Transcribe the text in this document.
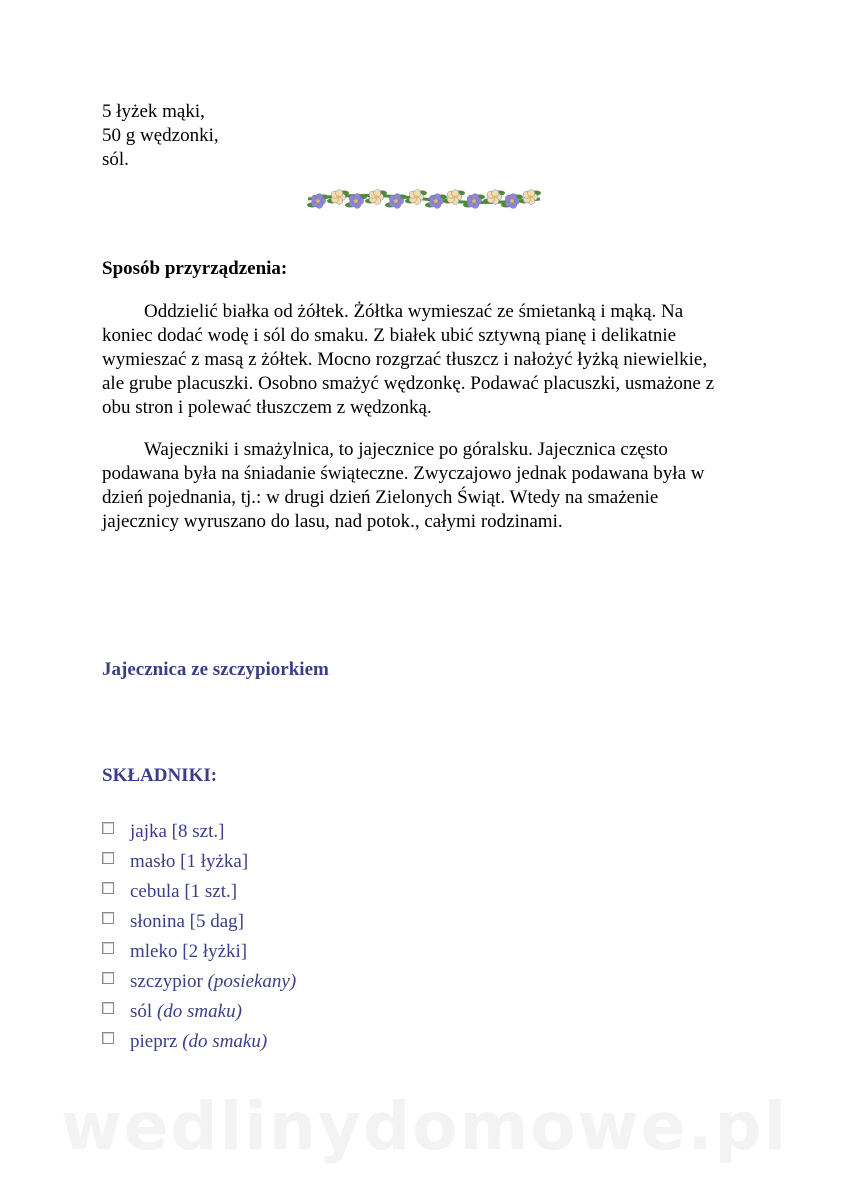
5 łyżek mąki,
50 g wędzonki,
sól.
Sposób przyrządzenia:
Oddzielić białka od żółtek. Żółtka wymieszać ze śmietanką i mąką. Na
koniec dodać wodę i sól do smaku. Z białek ubić sztywną pianę i delikatnie
wymieszać z masą z żółtek. Mocno rozgrzać tłuszcz i nałożyć łyżką niewielkie,
ale grube placuszki. Osobno smażyć wędzonkę. Podawać placuszki, usmażone z
obu stron i polewać tłuszczem z wędzonką.
Wajeczniki i smażylnica, to jajecznice po góralsku. Jajecznica często
podawana była na śniadanie świąteczne. Zwyczajowo jednak podawana była w
dzień pojednania, tj.: w drugi dzień Zielonych Świąt. Wtedy na smażenie
jajecznicy wyruszano do lasu, nad potok., całymi rodzinami.
Jajecznica ze szczypiorkiem
SKŁADNIKI:
jajka [8 szt.]
masło [1 łyżka]
cebula [1 szt.]
słonina [5 dag]
mleko [2 łyżki]
szczypior (posiekany)
sól (do smaku)
pieprz (do smaku)
wedlinydomowe.pl
